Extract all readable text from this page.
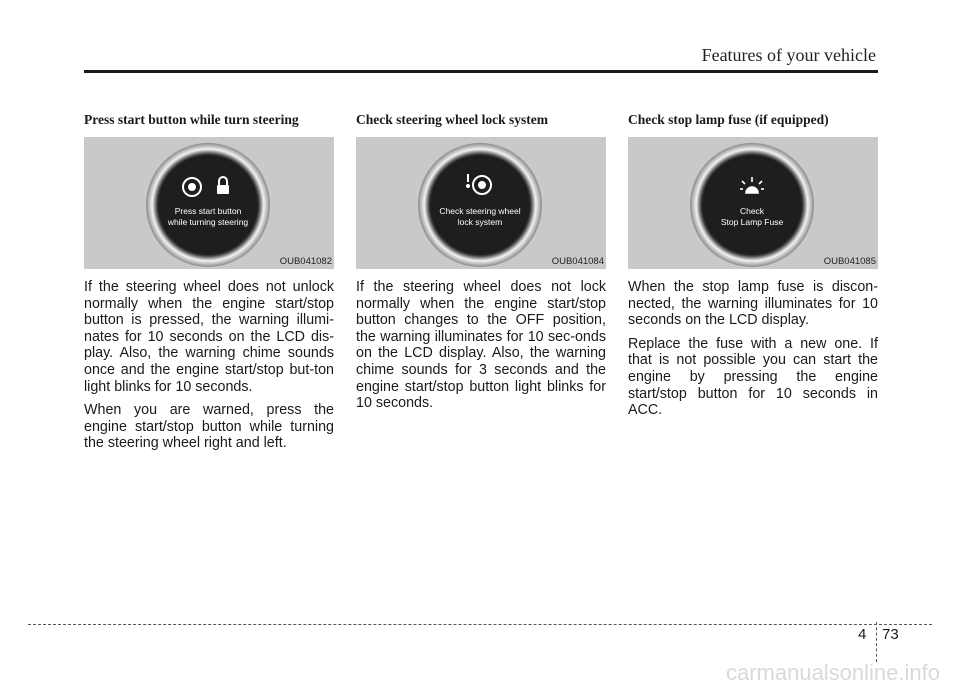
Features of your vehicle
Press start button while turn steering
Press start button
while turning steering
OUB041082

If the steering wheel does not unlock normally when the engine start/stop button is pressed, the warning illumi-nates for 10 seconds on the LCD dis-play. Also, the warning chime sounds once and the engine start/stop but-ton light blinks for 10 seconds.

When you are warned, press the engine start/stop button while turning the steering wheel right and left.

Check steering wheel lock system
Check steering wheel
lock system
OUB041084

If the steering wheel does not lock normally when the engine start/stop button changes to the OFF position, the warning illuminates for 10 sec-onds on the LCD display. Also, the warning chime sounds for 3 seconds and the engine start/stop button light blinks for 10 seconds.

Check stop lamp fuse (if equipped)
Check
Stop Lamp Fuse
OUB041085

When the stop lamp fuse is discon-nected, the warning illuminates for 10 seconds on the LCD display.

Replace the fuse with a new one. If that is not possible you can start the engine by pressing the engine start/stop button for 10 seconds in ACC.

4 73
carmanualsonline.info
